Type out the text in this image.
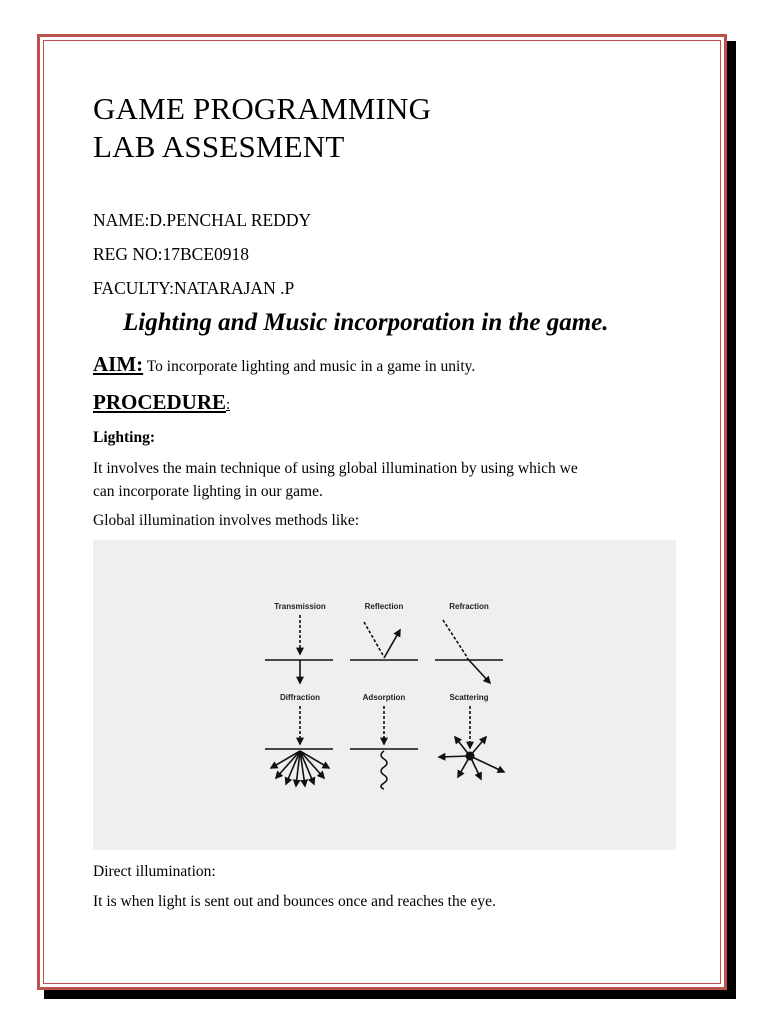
GAME PROGRAMMING
LAB ASSESMENT
NAME:D.PENCHAL REDDY
REG NO:17BCE0918
FACULTY:NATARAJAN .P
Lighting and Music incorporation in the game.
AIM: To incorporate lighting and music in a game in unity.
PROCEDURE:
Lighting:
It involves the main technique of using global illumination by using which we
can incorporate lighting in our game.
Global illumination involves methods like:
Transmission	Reflection	Refraction
Diffraction	Adsorption	Scattering
Direct illumination:
It is when light is sent out and bounces once and reaches the eye.
